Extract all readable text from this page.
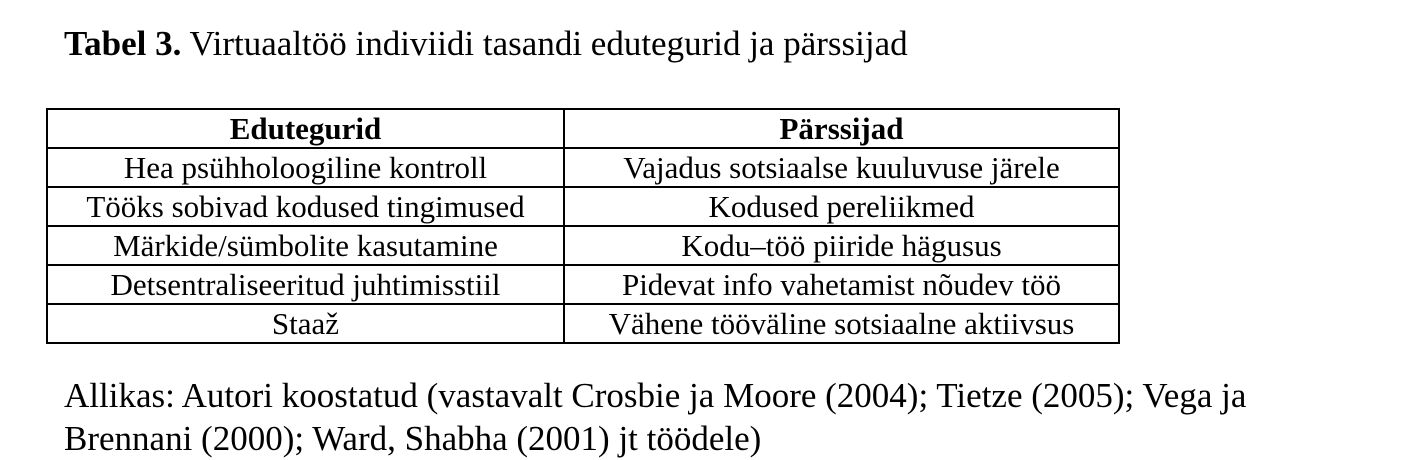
Tabel 3. Virtuaaltöö indiviidi tasandi edutegurid ja pärssijad
Edutegurid	Pärssijad
Hea psühholoogiline kontroll	Vajadus sotsiaalse kuuluvuse järele
Tööks sobivad kodused tingimused	Kodused pereliikmed
Märkide/sümbolite kasutamine	Kodu–töö piiride hägusus
Detsentraliseeritud juhtimisstiil	Pidevat info vahetamist nõudev töö
Staaž	Vähene tööväline sotsiaalne aktiivsus
Allikas: Autori koostatud (vastavalt Crosbie ja Moore (2004); Tietze (2005); Vega ja
Brennani (2000); Ward, Shabha (2001) jt töödele)
